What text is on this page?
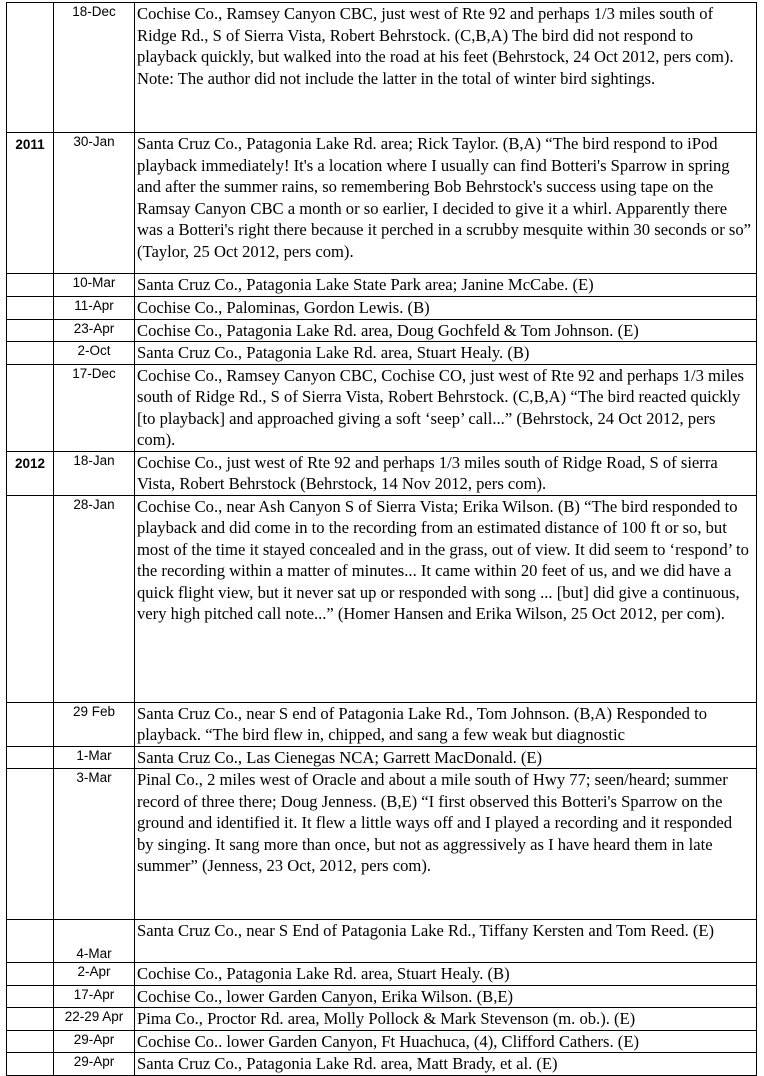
	18-Dec	Cochise Co., Ramsey Canyon CBC, just west of Rte 92 and perhaps 1/3 miles south of Ridge Rd., S of Sierra Vista, Robert Behrstock. (C,B,A) The bird did not respond to playback quickly, but walked into the road at his feet (Behrstock, 24 Oct 2012, pers com). Note: The author did not include the latter in the total of winter bird sightings.
2011	30-Jan	Santa Cruz Co., Patagonia Lake Rd. area; Rick Taylor. (B,A) “The bird respond to iPod playback immediately! It's a location where I usually can find Botteri's Sparrow in spring and after the summer rains, so remembering Bob Behrstock's success using tape on the Ramsay Canyon CBC a month or so earlier, I decided to give it a whirl. Apparently there was a Botteri's right there because it perched in a scrubby mesquite within 30 seconds or so” (Taylor, 25 Oct 2012, pers com).
	10-Mar	Santa Cruz Co., Patagonia Lake State Park area; Janine McCabe. (E)
	11-Apr	Cochise Co., Palominas, Gordon Lewis. (B)
	23-Apr	Cochise Co., Patagonia Lake Rd. area, Doug Gochfeld & Tom Johnson. (E)
	2-Oct	Santa Cruz Co., Patagonia Lake Rd. area, Stuart Healy. (B)
	17-Dec	Cochise Co., Ramsey Canyon CBC, Cochise CO, just west of Rte 92 and perhaps 1/3 miles south of Ridge Rd., S of Sierra Vista, Robert Behrstock. (C,B,A) “The bird reacted quickly [to playback] and approached giving a soft ‘seep’ call...” (Behrstock, 24 Oct 2012, pers com).
2012	18-Jan	Cochise Co., just west of Rte 92 and perhaps 1/3 miles south of Ridge Road, S of sierra Vista, Robert Behrstock (Behrstock, 14 Nov 2012, pers com).
	28-Jan	Cochise Co., near Ash Canyon S of Sierra Vista; Erika Wilson. (B) “The bird responded to playback and did come in to the recording from an estimated distance of 100 ft or so, but most of the time it stayed concealed and in the grass, out of view. It did seem to ‘respond’ to the recording within a matter of minutes... It came within 20 feet of us, and we did have a quick flight view, but it never sat up or responded with song ... [but] did give a continuous, very high pitched call note...” (Homer Hansen and Erika Wilson, 25 Oct 2012, per com).
	29 Feb	Santa Cruz Co., near S end of Patagonia Lake Rd., Tom Johnson. (B,A) Responded to playback. “The bird flew in, chipped, and sang a few weak but diagnostic
	1-Mar	Santa Cruz Co., Las Cienegas NCA; Garrett MacDonald. (E)
	3-Mar	Pinal Co., 2 miles west of Oracle and about a mile south of Hwy 77; seen/heard; summer record of three there; Doug Jenness. (B,E) “I first observed this Botteri's Sparrow on the ground and identified it. It flew a little ways off and I played a recording and it responded by singing. It sang more than once, but not as aggressively as I have heard them in late summer” (Jenness, 23 Oct, 2012, pers com).
	4-Mar	Santa Cruz Co., near S End of Patagonia Lake Rd., Tiffany Kersten and Tom Reed. (E)
	2-Apr	Cochise Co., Patagonia Lake Rd. area, Stuart Healy. (B)
	17-Apr	Cochise Co., lower Garden Canyon, Erika Wilson. (B,E)
	22-29 Apr	Pima Co., Proctor Rd. area, Molly Pollock & Mark Stevenson (m. ob.). (E)
	29-Apr	Cochise Co.. lower Garden Canyon, Ft Huachuca, (4), Clifford Cathers. (E)
	29-Apr	Santa Cruz Co., Patagonia Lake Rd. area, Matt Brady, et al. (E)
